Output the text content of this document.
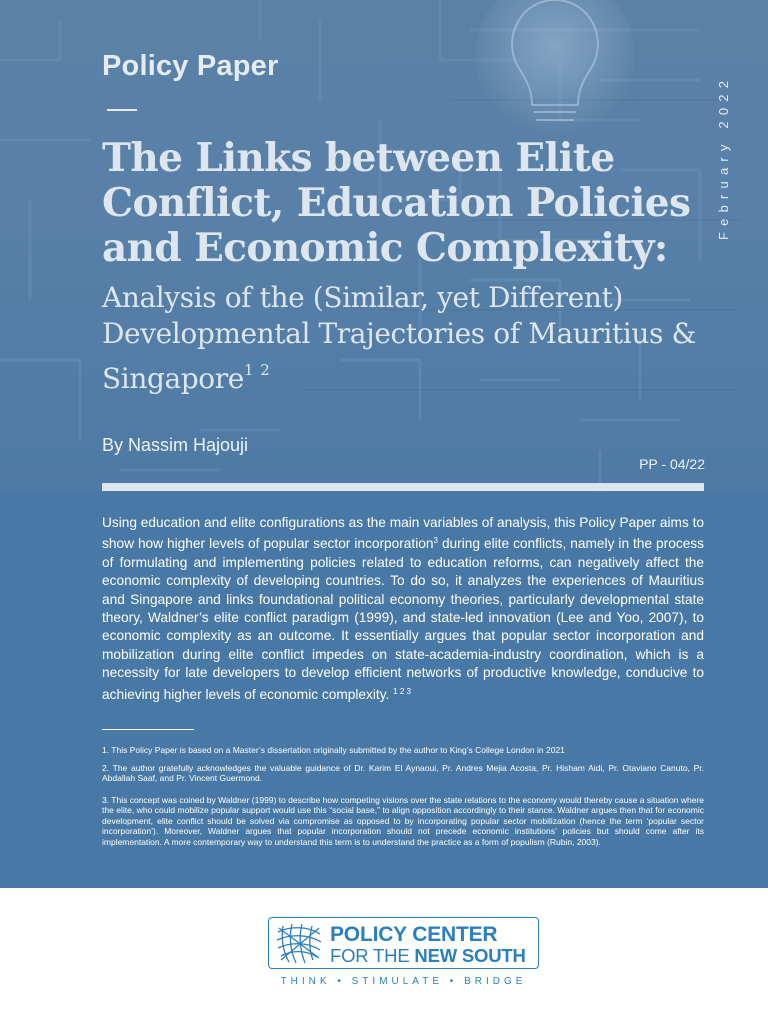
Policy Paper
The Links between Elite Conflict, Education Policies and Economic Complexity:

Analysis of the (Similar, yet Different) Developmental Trajectories of Mauritius & Singapore$^{1 2}$

February 2022
By Nassim Hajouji
PP - 04/22

Using education and elite configurations as the main variables of analysis, this Policy Paper aims to show how higher levels of popular sector incorporation$^3$ during elite conflicts, namely in the process of formulating and implementing policies related to education reforms, can negatively affect the economic complexity of developing countries. To do so, it analyzes the experiences of Mauritius and Singapore and links foundational political economy theories, particularly developmental state theory, Waldner’s elite conflict paradigm (1999), and state-led innovation (Lee and Yoo, 2007), to economic complexity as an outcome. It essentially argues that popular sector incorporation and mobilization during elite conflict impedes on state-academia-industry coordination, which is a necessity for late developers to develop efficient networks of productive knowledge, conducive to achieving higher levels of economic complexity. $^{1 2 3}$

1. This Policy Paper is based on a Master’s dissertation originally submitted by the author to King’s College London in 2021

2. The author gratefully acknowledges the valuable guidance of Dr. Karim El Aynaoui, Pr. Andres Mejia Acosta, Pr. Hisham Aidi, Pr. Otaviano Canuto, Pr. Abdallah Saaf, and Pr. Vincent Guermond.

3. This concept was coined by Waldner (1999) to describe how competing visions over the state relations to the economy would thereby cause a situation where the elite, who could mobilize popular support would use this “social base,” to align opposition accordingly to their stance. Waldner argues then that for economic development, elite conflict should be solved via compromise as opposed to by incorporating popular sector mobilization (hence the term ‘popular sector incorporation’). Moreover, Waldner argues that popular incorporation should not precede economic institutions’ policies but should come after its implementation. A more contemporary way to understand this term is to understand the practice as a form of populism (Rubin, 2003).

POLICY CENTER
FOR THE NEW SOUTH
THINK • STIMULATE • BRIDGE
